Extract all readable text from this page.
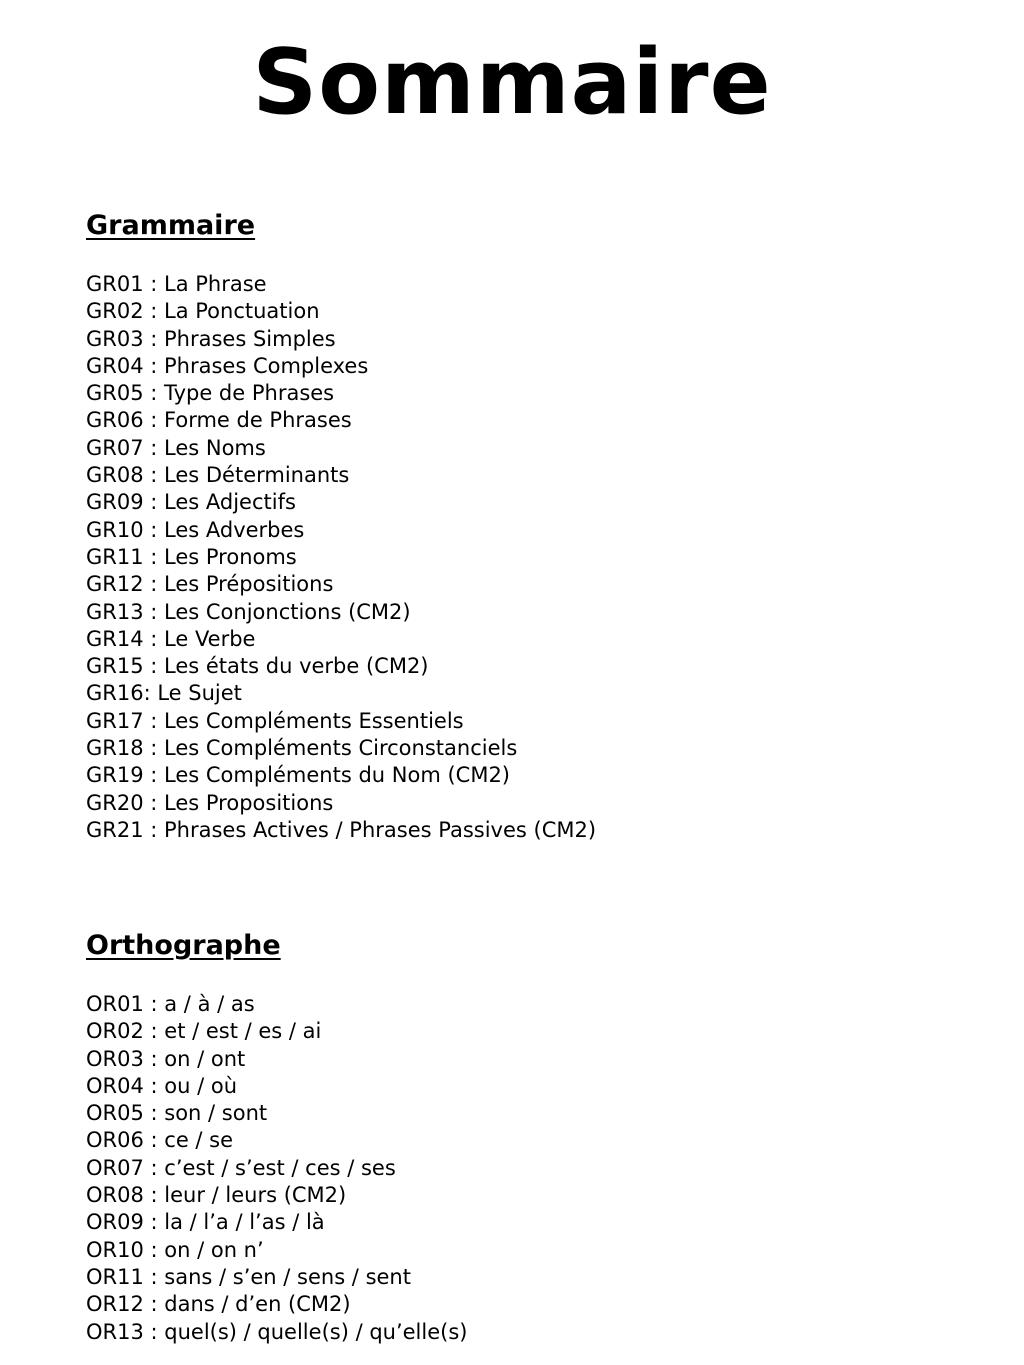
Sommaire
Grammaire
GR01 : La Phrase
GR02 : La Ponctuation
GR03 : Phrases Simples
GR04 : Phrases Complexes
GR05 : Type de Phrases
GR06 : Forme de Phrases
GR07 : Les Noms
GR08 : Les Déterminants
GR09 : Les Adjectifs
GR10 : Les Adverbes
GR11 : Les Pronoms
GR12 : Les Prépositions
GR13 : Les Conjonctions (CM2)
GR14 : Le Verbe
GR15 : Les états du verbe (CM2)
GR16: Le Sujet
GR17 : Les Compléments Essentiels
GR18 : Les Compléments Circonstanciels
GR19 : Les Compléments du Nom (CM2)
GR20 : Les Propositions
GR21 : Phrases Actives / Phrases Passives (CM2)
Orthographe
OR01 : a / à / as
OR02 : et / est / es / ai
OR03 : on / ont
OR04 : ou / où
OR05 : son / sont
OR06 : ce / se
OR07 : c’est / s’est / ces / ses
OR08 : leur / leurs (CM2)
OR09 : la / l’a / l’as / là
OR10 : on / on n’
OR11 : sans / s’en / sens / sent
OR12 : dans / d’en (CM2)
OR13 : quel(s) / quelle(s) / qu’elle(s)
